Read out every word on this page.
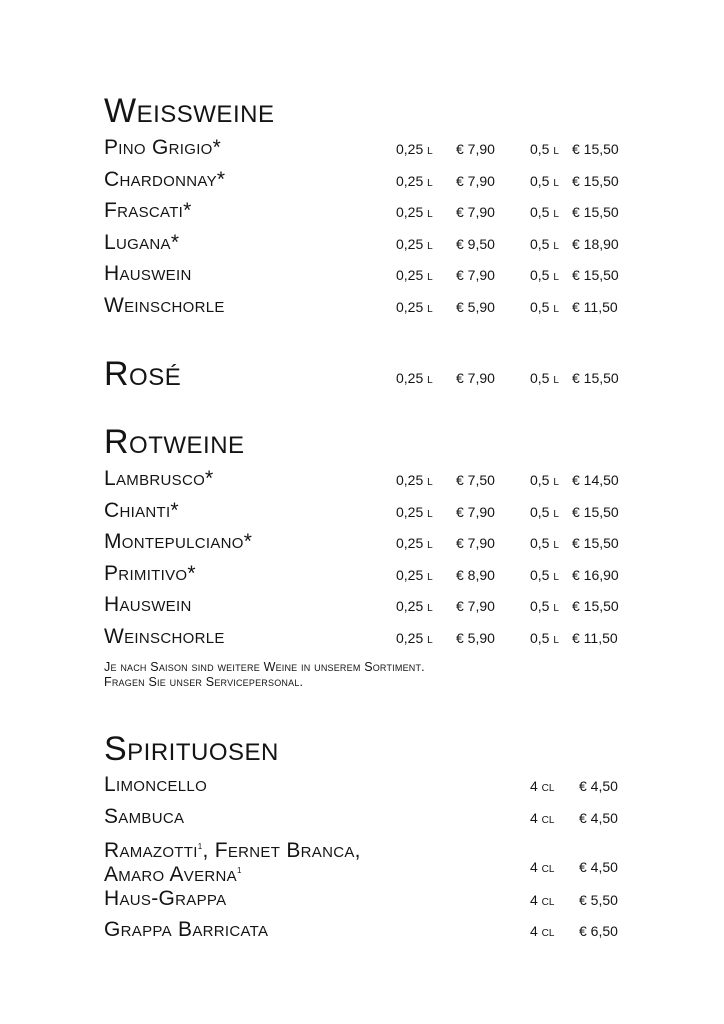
Weissweine
Pino Grigio*	0,25 l € 7,90	0,5 l € 15,50
Chardonnay*	0,25 l € 7,90	0,5 l € 15,50
Frascati*	0,25 l € 7,90	0,5 l € 15,50
Lugana*	0,25 l € 9,50	0,5 l € 18,90
Hauswein	0,25 l € 7,90	0,5 l € 15,50
Weinschorle	0,25 l € 5,90	0,5 l € 11,50
Rosé	0,25 l € 7,90	0,5 l € 15,50
Rotweine
Lambrusco*	0,25 l € 7,50	0,5 l € 14,50
Chianti*	0,25 l € 7,90	0,5 l € 15,50
Montepulciano*	0,25 l € 7,90	0,5 l € 15,50
Primitivo*	0,25 l € 8,90	0,5 l € 16,90
Hauswein	0,25 l € 7,90	0,5 l € 15,50
Weinschorle	0,25 l € 5,90	0,5 l € 11,50
Je nach Saison sind weitere Weine in unserem Sortiment.
Fragen Sie unser Servicepersonal.
Spirituosen
Limoncello	4 cl € 4,50
Sambuca	4 cl € 4,50
Ramazotti$^1$, Fernet Branca,
Amaro Averna$^1$	4 cl € 4,50
Haus-Grappa	4 cl € 5,50
Grappa Barricata	4 cl € 6,50
